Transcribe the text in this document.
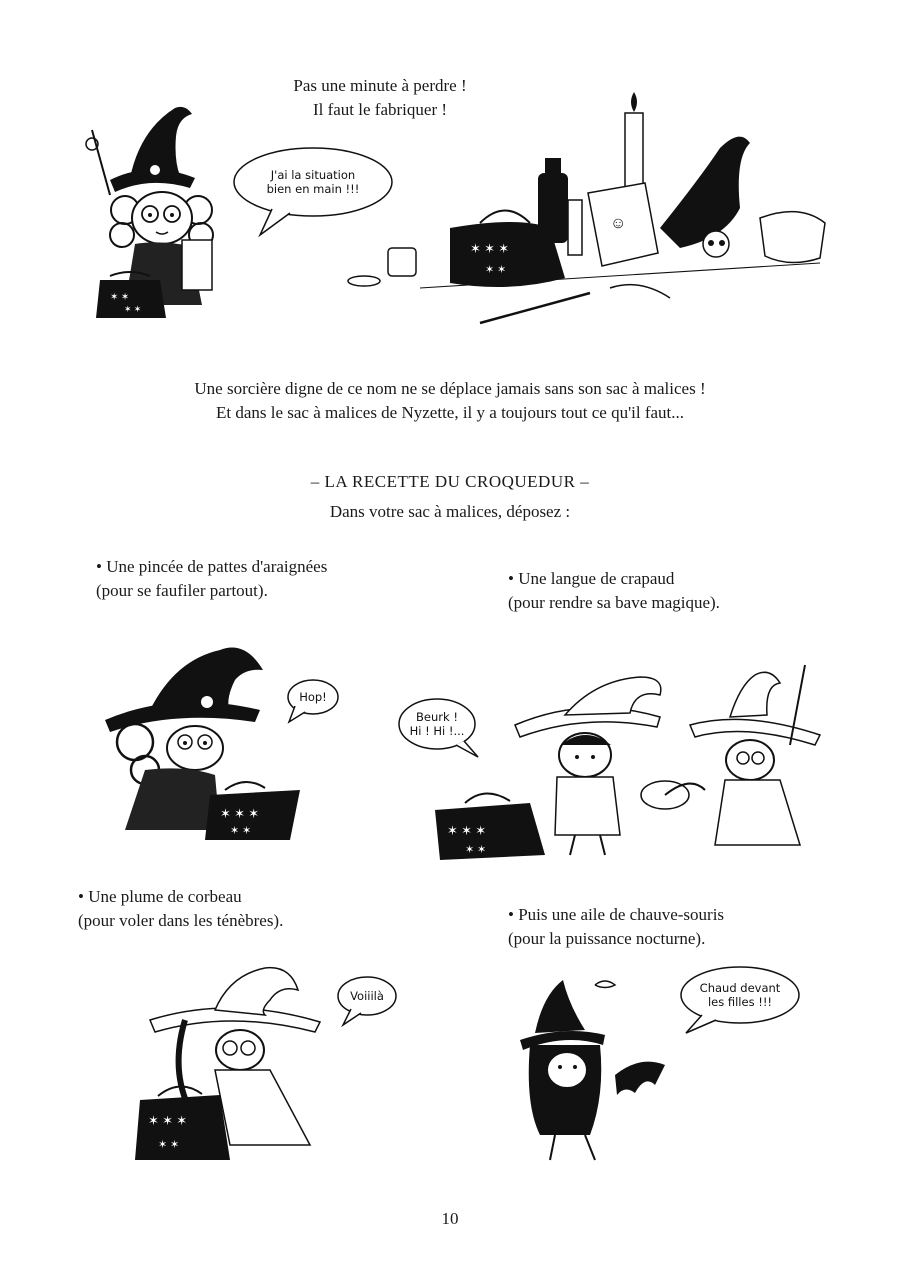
Pas une minute à perdre !
Il faut le fabriquer !
✶ ✶
✶ ✶
J'ai la situation
bien en main !!!
✶ ✶ ✶
✶ ✶
☺
Une sorcière digne de ce nom ne se déplace jamais sans son sac à malices !
Et dans le sac à malices de Nyzette, il y a toujours tout ce qu'il faut...
– LA RECETTE DU CROQUEDUR –
Dans votre sac à malices, déposez :
• Une pincée de pattes d'araignées
(pour se faufiler partout).
• Une langue de crapaud
(pour rendre sa bave magique).
• Une plume de corbeau
(pour voler dans les ténèbres).	• Puis une aile de chauve-souris
(pour la puissance nocturne).
✶ ✶ ✶
✶ ✶
Hop!
✶ ✶ ✶
✶ ✶
Beurk !
Hi ! Hi !...
✶ ✶ ✶
✶ ✶
Voiiilà
Chaud devant
les filles !!!
10
